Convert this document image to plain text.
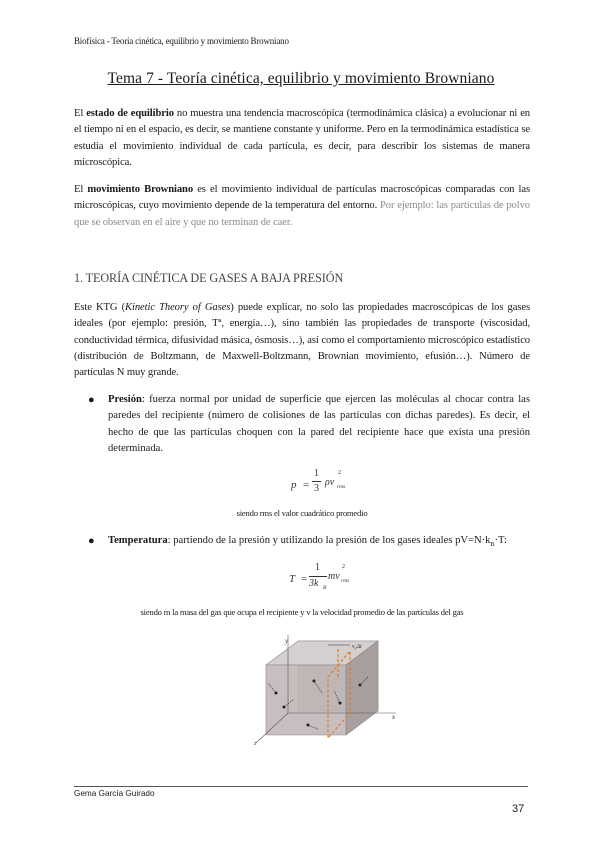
Biofísica - Teoría cinética, equilibrio y movimiento Browniano
Tema 7 - Teoría cinética, equilibrio y movimiento Browniano
El estado de equilibrio no muestra una tendencia macroscópica (termodinámica clásica) a evolucionar ni en el tiempo ni en el espacio, es decir, se mantiene constante y uniforme. Pero en la termodinámica estadística se estudia el movimiento individual de cada partícula, es decir, para describir los sistemas de manera microscópica.
El movimiento Browniano es el movimiento individual de partículas macroscópicas comparadas con las microscópicas, cuyo movimiento depende de la temperatura del entorno. Por ejemplo: las partículas de polvo que se observan en el aire y que no terminan de caer.
1. TEORÍA CINÉTICA DE GASES A BAJA PRESIÓN
Este KTG (Kinetic Theory of Gases) puede explicar, no solo las propiedades macroscópicas de los gases ideales (por ejemplo: presión, Tª, energía…), sino también las propiedades de transporte (viscosidad, conductividad térmica, difusividad másica, ósmosis…), así como el comportamiento microscópico estadístico (distribución de Boltzmann, de Maxwell-Boltzmann, Brownian movimiento, efusión…). Número de partículas N muy grande.
● Presión: fuerza normal por unidad de superficie que ejercen las moléculas al chocar contra las paredes del recipiente (número de colisiones de las partículas con dichas paredes). Es decir, el hecho de que las partículas choquen con la pared del recipiente hace que exista una presión determinada.
p =
1
3
ρv
2
rms
siendo rms el valor cuadrático promedio
● Temperatura: partiendo de la presión y utilizando la presión de los gases ideales $pV=N\cdot k_B\cdot T$:
T =
1
3k B
mv
2
rms
siendo m la masa del gas que ocupa el recipiente y v la velocidad promedio de las partículas del gas
y
x
z
$v_x\Delta t$
Gema García Guirado
37
